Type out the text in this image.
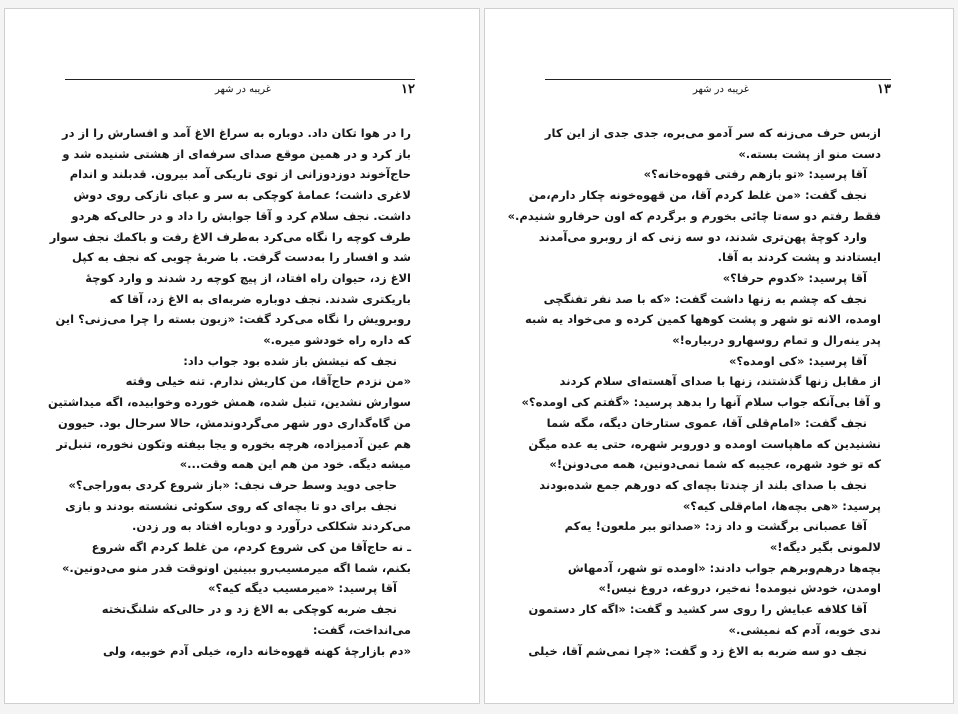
١٢
غريبه در شهر

را در هوا تكان داد. دوباره به سراغ الاغ آمد و افسارش را از در

باز كرد و در همين موقع صداى سرفه‌اى از هشتى شنيده شد و

حاج‌آخوند دوزدوزانى از توى تاريكى آمد بيرون. قدبلند و اندام

لاغرى داشت؛ عمامهٔ كوچكى به سر و عباى نازكى روى دوش

داشت. نجف سلام كرد و آقا جوابش را داد و در حالى‌كه هردو

طرف كوچه را نگاه مى‌كرد به‌طرف الاغ رفت و باكمك نجف سوار

شد و افسار را به‌دست گرفت. با ضربهٔ چوبى كه نجف به كپل

الاغ زد، حيوان راه افتاد، از پيچ كوچه رد شدند و وارد كوچهٔ

باريكترى شدند. نجف دوباره ضربه‌اى به الاغ زد، آقا كه

روبرويش را نگاه مى‌كرد گفت: «زبون بسته را چرا مى‌زنى؟ اين

كه داره راه خودشو ميره.»

نجف كه نيشش باز شده بود جواب داد:

«من نزدم حاج‌آقا، من كاريش ندارم. تنه خيلى وقته

سوارش نشدين، تنبل شده، همش خورده وخوابيده، اگه ميداشتين

من گاه‌گدارى دور شهر مى‌گردوندمش، حالا سرحال بود. حيوون

هم عين آدميزاده، هرچه بخوره و يجا بيفته وتكون نخوره، تنبل‌تر

ميشه ديگه. خود من هم اين همه وقت...»

حاجى دويد وسط حرف نجف: «باز شروع كردى به‌وراجى؟»

نجف براى دو تا بچه‌اى كه روى سكوئى نشسته بودند و بازى

مى‌كردند شكلكى درآورد و دوباره افتاد به ور زدن.

ـ نه حاج‌آقا من كى شروع كردم، من غلط كردم اگه شروع

بكنم، شما اگه ميرمسيب‌رو ببينين اونوقت قدر منو مى‌دونين.»

آقا پرسيد: «ميرمسيب ديگه كيه؟»

نجف ضربه كوچكى به الاغ زد و در حالى‌كه شلنگ‌تخته

مى‌انداخت، گفت:

«دم بازارچهٔ كهنه قهوه‌خانه داره، خيلى آدم خوبيه، ولى

١٣
غريبه در شهر

ازبس حرف مى‌زنه كه سر آدمو مى‌بره، جدى جدى از اين كار

دست منو از پشت بسته.»

آقا پرسيد: «تو بازهم رفتى قهوه‌خانه؟»

نجف گفت: «من غلط كردم آقا، من قهوه‌خونه چكار دارم،من

فقط رفتم دو سه‌تا چائى بخورم و برگردم كه اون حرفارو شنيدم.»

وارد كوچهٔ پهن‌ترى شدند، دو سه زنى كه از روبرو مى‌آمدند

ايستادند و پشت كردند به آقا.

آقا پرسيد: «كدوم حرفا؟»

نجف كه چشم به زنها داشت گفت: «كه با صد نفر تفنگچى

اومده، الانه تو شهر و پشت كوهها كمين كرده و مى‌خواد يه شبه

پدر ينه‌رال و تمام روسهارو دربياره!»

آقا پرسيد: «كى اومده؟»

از مقابل زنها گذشتند، زنها با صداى آهسته‌اى سلام كردند

و آقا بى‌آنكه جواب سلام آنها را بدهد پرسيد: «گفتم كى اومده؟»

نجف گفت: «امام‌قلى آقا، عموى ستارخان ديگه، مگه شما

نشنيدين كه ماهپاست اومده و دوروبر شهره، حتى يه عده ميگن

كه تو خود شهره، عجيبه كه شما نمى‌دونين، همه مى‌دونن!»

نجف با صداى بلند از چندتا بچه‌اى كه دورهم جمع شده‌بودند

پرسيد: «هى بچه‌ها، امام‌قلى كيه؟»

آقا عصبانى برگشت و داد زد: «صداتو ببر ملعون! يه‌كم

لالمونى بگير ديگه!»

بچه‌ها درهم‌وبرهم جواب دادند: «اومده تو شهر، آدمهاش

اومدن، خودش نيومده! نه‌خير، دروغه، دروغ نيس!»

آقا كلافه عبايش را روى سر كشيد و گفت: «اگه كار دستمون

ندى خوبه، آدم كه نميشى.»

نجف دو سه ضربه به الاغ زد و گفت: «چرا نمى‌شم آقا، خيلى
